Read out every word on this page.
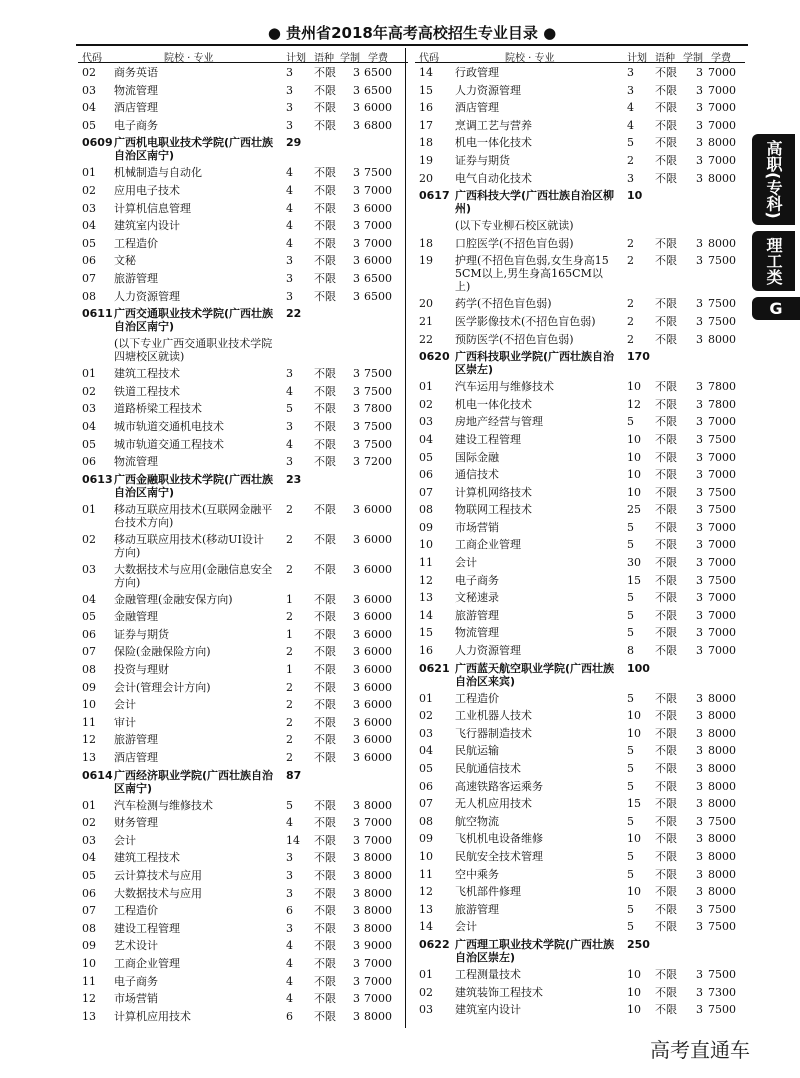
● 贵州省2018年高考高校招生专业目录 ●
代码	院校 · 专业	计划 语种 学制 学费
02 商务英语	3 不限 3 6500
03 物流管理	3 不限 3 6500
04 酒店管理	3 不限 3 6000
05 电子商务	3 不限 3 6800
0609 广西机电职业技术学院(广西壮族自治区南宁)
29
01 机械制造与自动化	4 不限 3 7500
02 应用电子技术	4 不限 3 7000
03 计算机信息管理	4 不限 3 6000
04 建筑室内设计	4 不限 3 7000
05 工程造价	4 不限 3 7000
06 文秘	3 不限 3 6000
07 旅游管理	3 不限 3 6500
08 人力资源管理	3 不限 3 6500
0611 广西交通职业技术学院(广西壮族自治区南宁)
22
(以下专业广西交通职业技术学院四塘校区就读)
01 建筑工程技术	3 不限 3 7500
02 铁道工程技术	4 不限 3 7500
03 道路桥梁工程技术	5 不限 3 7800
04 城市轨道交通机电技术	3 不限 3 7500
05 城市轨道交通工程技术	4 不限 3 7500
06 物流管理	3 不限 3 7200
0613 广西金融职业技术学院(广西壮族自治区南宁)
23
01 移动互联应用技术(互联网金融平台技术方向)
2 不限 3 6000
02 移动互联应用技术(移动UI设计方向)
2 不限 3 6000
03 大数据技术与应用(金融信息安全方向)
2 不限 3 6000
04 金融管理(金融安保方向)	1 不限 3 6000
05 金融管理	2 不限 3 6000
06 证券与期货	1 不限 3 6000
07 保险(金融保险方向)	2 不限 3 6000
08 投资与理财	1 不限 3 6000
09 会计(管理会计方向)	2 不限 3 6000
10 会计	2 不限 3 6000
11 审计	2 不限 3 6000
12 旅游管理	2 不限 3 6000
13 酒店管理	2 不限 3 6000
0614 广西经济职业学院(广西壮族自治区南宁)
87
01 汽车检测与维修技术	5 不限 3 8000
02 财务管理	4 不限 3 7000
03 会计	14 不限 3 7000
04 建筑工程技术	3 不限 3 8000
05 云计算技术与应用	3 不限 3 8000
06 大数据技术与应用	3 不限 3 8000
07 工程造价	6 不限 3 8000
08 建设工程管理	3 不限 3 8000
09 艺术设计	4 不限 3 9000
10 工商企业管理	4 不限 3 7000
11 电子商务	4 不限 3 7000
12 市场营销	4 不限 3 7000
13 计算机应用技术	6 不限 3 8000
代码	院校 · 专业	计划 语种 学制 学费
14 行政管理	3 不限 3 7000
15 人力资源管理	3 不限 3 7000
16 酒店管理	4 不限 3 7000
17 烹调工艺与营养	4 不限 3 7000
18 机电一体化技术	5 不限 3 8000
19 证券与期货	2 不限 3 7000
20 电气自动化技术	3 不限 3 8000
0617 广西科技大学(广西壮族自治区柳州)
10
(以下专业柳石校区就读)
18 口腔医学(不招色盲色弱)	2 不限 3 8000
19 护理(不招色盲色弱,女生身高155CM以上,男生身高165CM以上)
2 不限 3 7500
20 药学(不招色盲色弱)	2 不限 3 7500
21 医学影像技术(不招色盲色弱)	2 不限 3 7500
22 预防医学(不招色盲色弱)	2 不限 3 8000
0620 广西科技职业学院(广西壮族自治区崇左)
170
01 汽车运用与维修技术	10 不限 3 7800
02 机电一体化技术	12 不限 3 7800
03 房地产经营与管理	5 不限 3 7000
04 建设工程管理	10 不限 3 7500
05 国际金融	10 不限 3 7000
06 通信技术	10 不限 3 7000
07 计算机网络技术	10 不限 3 7500
08 物联网工程技术	25 不限 3 7500
09 市场营销	5 不限 3 7000
10 工商企业管理	5 不限 3 7000
11 会计	30 不限 3 7000
12 电子商务	15 不限 3 7500
13 文秘速录	5 不限 3 7000
14 旅游管理	5 不限 3 7000
15 物流管理	5 不限 3 7000
16 人力资源管理	8 不限 3 7000
0621 广西蓝天航空职业学院(广西壮族自治区来宾)
100
01 工程造价	5 不限 3 8000
02 工业机器人技术	10 不限 3 8000
03 飞行器制造技术	10 不限 3 8000
04 民航运输	5 不限 3 8000
05 民航通信技术	5 不限 3 8000
06 高速铁路客运乘务	5 不限 3 8000
07 无人机应用技术	15 不限 3 8000
08 航空物流	5 不限 3 7500
09 飞机机电设备维修	10 不限 3 8000
10 民航安全技术管理	5 不限 3 8000
11 空中乘务	5 不限 3 8000
12 飞机部件修理	10 不限 3 8000
13 旅游管理	5 不限 3 7500
14 会计	5 不限 3 7500
0622 广西理工职业技术学院(广西壮族自治区崇左)
250
01 工程测量技术	10 不限 3 7500
02 建筑装饰工程技术	10 不限 3 7300
03 建筑室内设计	10 不限 3 7500
高职(专科)
理工类
G
高考直通车
